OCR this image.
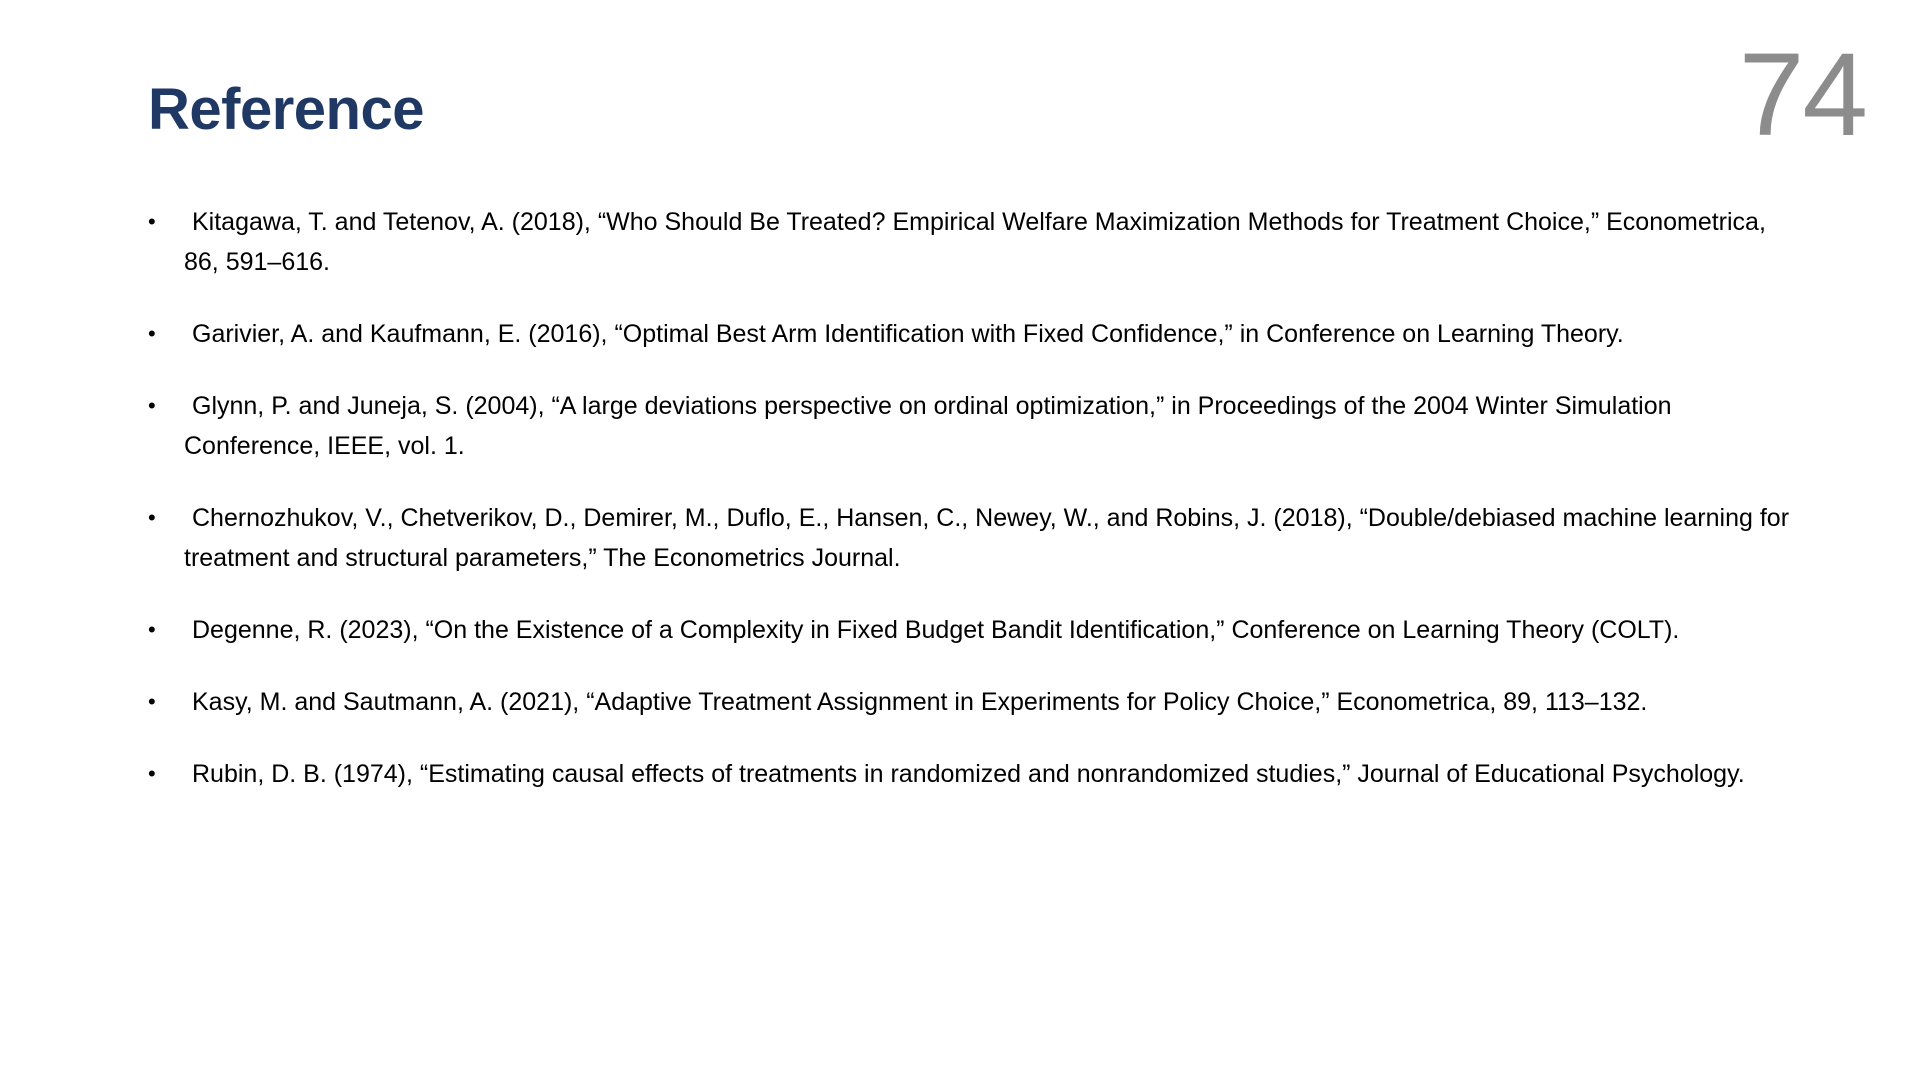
Reference	74
•	Kitagawa, T. and Tetenov, A. (2018), “Who Should Be Treated? Empirical Welfare Maximization Methods for Treatment Choice,” Econometrica, 86, 591–616.
•	Garivier, A. and Kaufmann, E. (2016), “Optimal Best Arm Identification with Fixed Confidence,” in Conference on Learning Theory.
•	Glynn, P. and Juneja, S. (2004), “A large deviations perspective on ordinal optimization,” in Proceedings of the 2004 Winter Simulation Conference, IEEE, vol. 1.
•	Chernozhukov, V., Chetverikov, D., Demirer, M., Duflo, E., Hansen, C., Newey, W., and Robins, J. (2018), “Double/debiased machine learning for treatment and structural parameters,” The Econometrics Journal.
•	Degenne, R. (2023), “On the Existence of a Complexity in Fixed Budget Bandit Identification,” Conference on Learning Theory (COLT).
•	Kasy, M. and Sautmann, A. (2021), “Adaptive Treatment Assignment in Experiments for Policy Choice,” Econometrica, 89, 113–132.
•	Rubin, D. B. (1974), “Estimating causal effects of treatments in randomized and nonrandomized studies,” Journal of Educational Psychology.
